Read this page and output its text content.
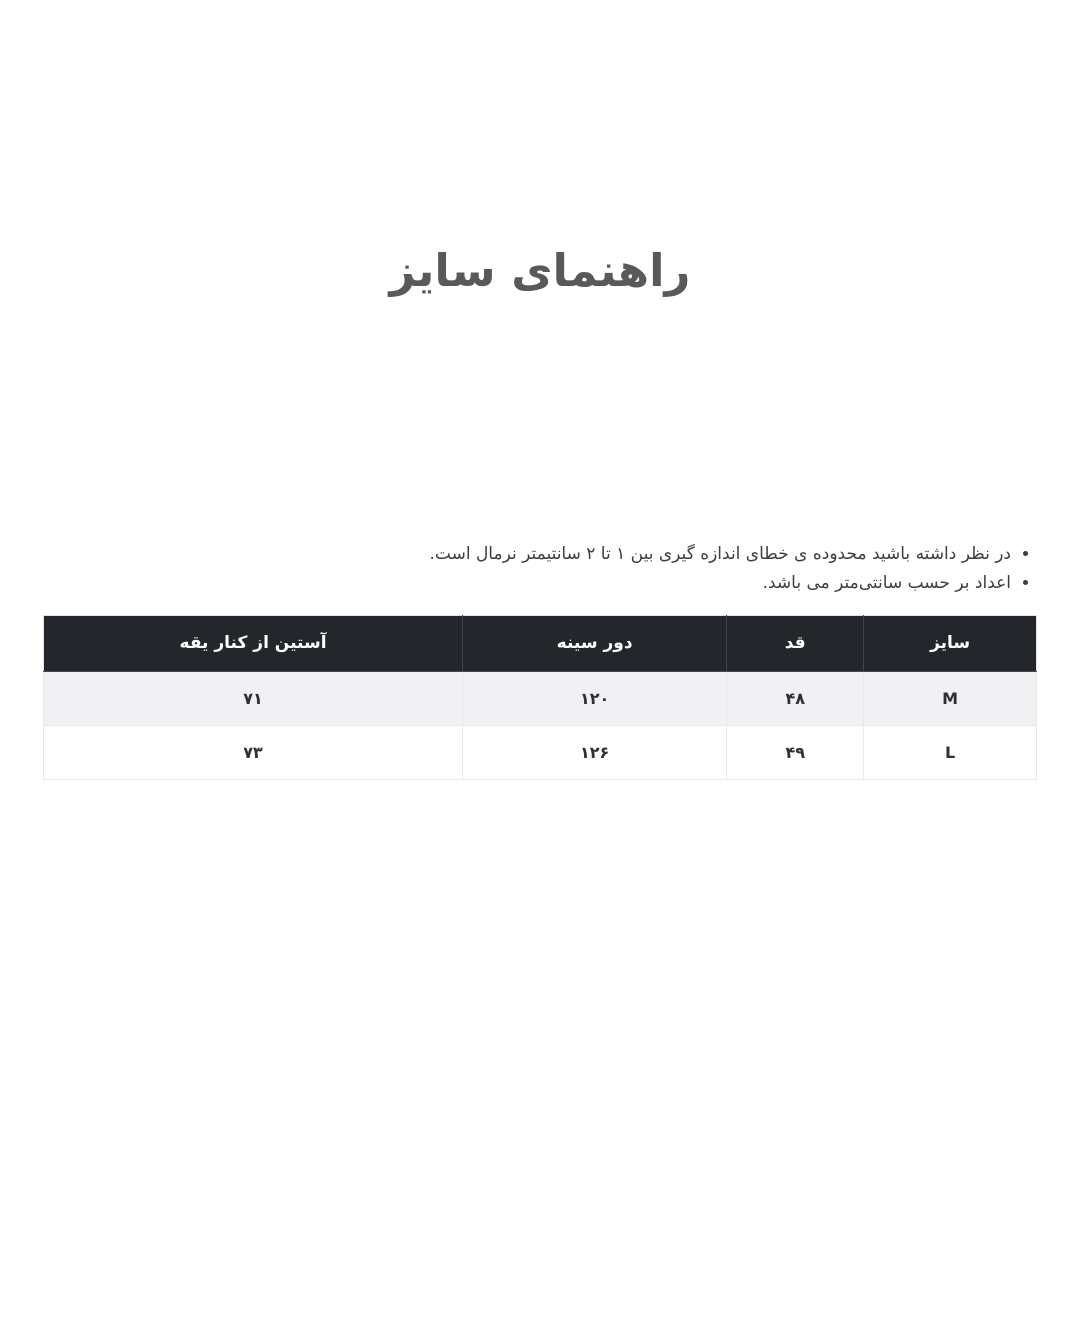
راهنمای سایز
• در نظر داشته باشید محدوده ی خطای اندازه گیری بین ۱ تا ۲ سانتیمتر نرمال است.
• اعداد بر حسب سانتی‌متر می باشد.
سایز	قد	دور سینه	آستین از کنار یقه
M	۴۸	۱۲۰	۷۱
L	۴۹	۱۲۶	۷۳
